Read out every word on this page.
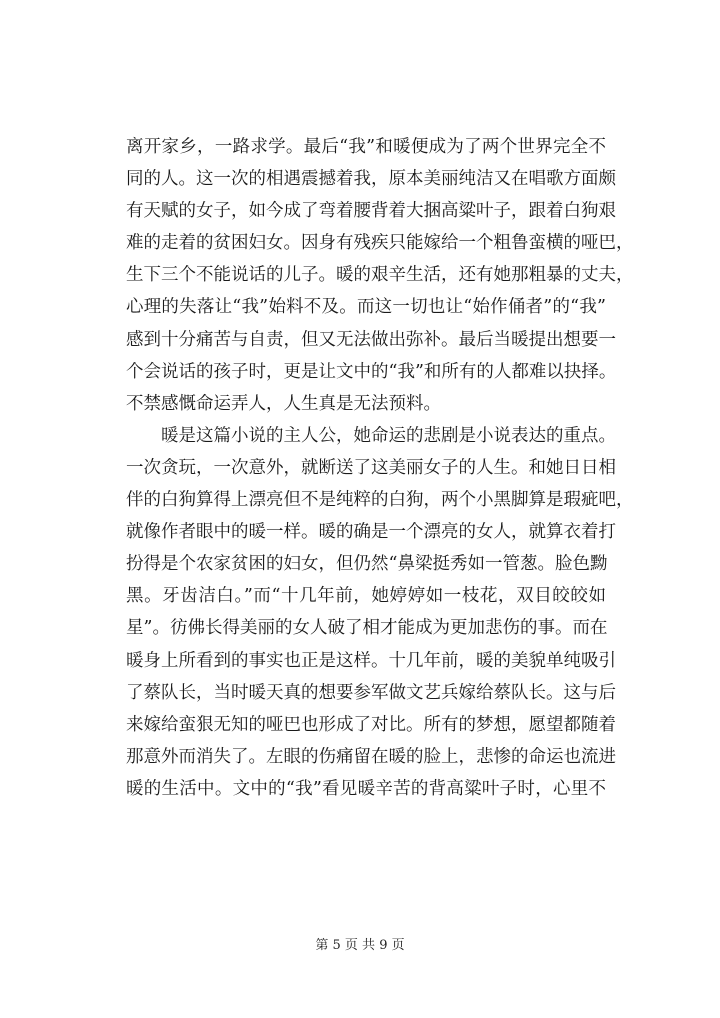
离开家乡，一路求学。最后“我”和暖便成为了两个世界完全不
同的人。这一次的相遇震撼着我，原本美丽纯洁又在唱歌方面颇
有天赋的女子，如今成了弯着腰背着大捆高粱叶子，跟着白狗艰
难的走着的贫困妇女。因身有残疾只能嫁给一个粗鲁蛮横的哑巴，
生下三个不能说话的儿子。暖的艰辛生活，还有她那粗暴的丈夫，
心理的失落让“我”始料不及。而这一切也让“始作俑者”的“我”
感到十分痛苦与自责，但又无法做出弥补。最后当暖提出想要一
个会说话的孩子时，更是让文中的“我”和所有的人都难以抉择。
不禁感慨命运弄人，人生真是无法预料。
暖是这篇小说的主人公，她命运的悲剧是小说表达的重点。
一次贪玩，一次意外，就断送了这美丽女子的人生。和她日日相
伴的白狗算得上漂亮但不是纯粹的白狗，两个小黑脚算是瑕疵吧，
就像作者眼中的暖一样。暖的确是一个漂亮的女人，就算衣着打
扮得是个农家贫困的妇女，但仍然“鼻梁挺秀如一管葱。脸色黝
黑。牙齿洁白。”而“十几年前，她婷婷如一枝花，双目皎皎如
星”。彷佛长得美丽的女人破了相才能成为更加悲伤的事。而在
暖身上所看到的事实也正是这样。十几年前，暖的美貌单纯吸引
了蔡队长，当时暖天真的想要参军做文艺兵嫁给蔡队长。这与后
来嫁给蛮狠无知的哑巴也形成了对比。所有的梦想，愿望都随着
那意外而消失了。左眼的伤痛留在暖的脸上，悲惨的命运也流进
暖的生活中。文中的“我”看见暖辛苦的背高粱叶子时，心里不
第 5 页 共 9 页
